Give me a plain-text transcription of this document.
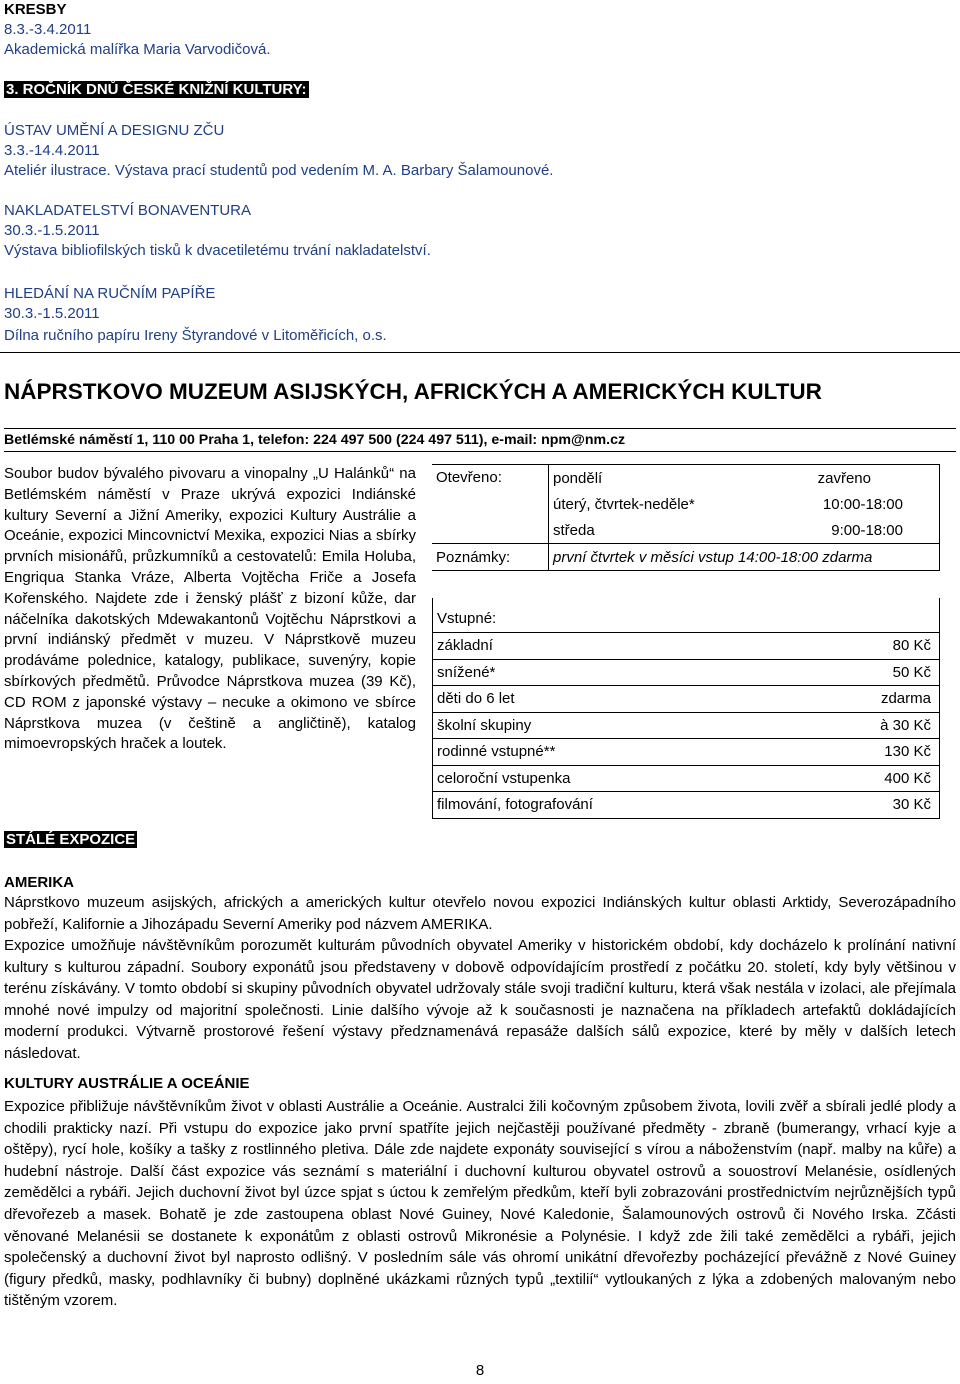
KRESBY
8.3.-3.4.2011
Akademická malířka Maria Varvodičová.
3. ROČNÍK DNŮ ČESKÉ KNIŽNÍ KULTURY:
ÚSTAV UMĚNÍ A DESIGNU ZČU
3.3.-14.4.2011
Ateliér ilustrace. Výstava prací studentů pod vedením M. A. Barbary Šalamounové.
NAKLADATELSTVÍ BONAVENTURA
30.3.-1.5.2011
Výstava bibliofilských tisků k dvacetiletému trvání nakladatelství.
HLEDÁNÍ NA RUČNÍM PAPÍŘE
30.3.-1.5.2011
Dílna ručního papíru Ireny Štyrandové v Litoměřicích, o.s.
NÁPRSTKOVO MUZEUM ASIJSKÝCH, AFRICKÝCH A AMERICKÝCH KULTUR
Betlémské náměstí 1, 110 00 Praha 1, telefon: 224 497 500 (224 497 511), e-mail: npm@nm.cz
Soubor budov bývalého pivovaru a vinopalny „U Halánků“ na Betlémském náměstí v Praze ukrývá expozici Indiánské kultury Severní a Jižní Ameriky, expozici Kultury Austrálie a Oceánie, expozici Mincovnictví Mexika, expozici Nias a sbírky prvních misionářů, průzkumníků a cestovatelů: Emila Holuba, Engriqua Stanka Vráze, Alberta Vojtěcha Friče a Josefa Kořenského. Najdete zde i ženský plášť z bizoní kůže, dar náčelníka dakotských Mdewakantonů Vojtěchu Náprstkovi a první indiánský předmět v muzeu. V Náprstkově muzeu prodáváme polednice, katalogy, publikace, suvenýry, kopie sbírkových předmětů. Průvodce Náprstkova muzea (39 Kč), CD ROM z japonské výstavy – necuke a okimono ve sbírce Náprstkova muzea (v češtině a angličtině), katalog mimoevropských hraček a loutek.
Otevřeno:	pondělí	zavřeno
	úterý, čtvrtek-neděle*	10:00-18:00
	středa	9:00-18:00
Poznámky:	první čtvrtek v měsíci vstup 14:00-18:00 zdarma	
Vstupné:	
základní	80 Kč
snížené*	50 Kč
děti do 6 let	zdarma
školní skupiny	à 30 Kč
rodinné vstupné**	130 Kč
celoroční vstupenka	400 Kč
filmování, fotografování	30 Kč
STÁLÉ EXPOZICE
AMERIKA
Náprstkovo muzeum asijských, afrických a amerických kultur otevřelo novou expozici Indiánských kultur oblasti Arktidy, Severozápadního pobřeží, Kalifornie a Jihozápadu Severní Ameriky pod názvem AMERIKA.
Expozice umožňuje návštěvníkům porozumět kulturám původních obyvatel Ameriky v historickém období, kdy docházelo k prolínání nativní kultury s kulturou západní. Soubory exponátů jsou představeny v dobově odpovídajícím prostředí z počátku 20. století, kdy byly většinou v terénu získávány. V tomto období si skupiny původních obyvatel udržovaly stále svoji tradiční kulturu, která však nestála v izolaci, ale přejímala mnohé nové impulzy od majoritní společnosti. Linie dalšího vývoje až k současnosti je naznačena na příkladech artefaktů dokládajících moderní produkci. Výtvarně prostorové řešení výstavy předznamenává repasáže dalších sálů expozice, které by měly v dalších letech následovat.
KULTURY AUSTRÁLIE A OCEÁNIE
Expozice přibližuje návštěvníkům život v oblasti Austrálie a Oceánie. Australci žili kočovným způsobem života, lovili zvěř a sbírali jedlé plody a chodili prakticky nazí. Při vstupu do expozice jako první spatříte jejich nejčastěji používané předměty - zbraně (bumerangy, vrhací kyje a oštěpy), rycí hole, košíky a tašky z rostlinného pletiva. Dále zde najdete exponáty související s vírou a náboženstvím (např. malby na kůře) a hudební nástroje. Další část expozice vás seznámí s materiální i duchovní kulturou obyvatel ostrovů a souostroví Melanésie, osídlených zemědělci a rybáři. Jejich duchovní život byl úzce spjat s úctou k zemřelým předkům, kteří byli zobrazováni prostřednictvím nejrůznějších typů dřevořezeb a masek. Bohatě je zde zastoupena oblast Nové Guiney, Nové Kaledonie, Šalamounových ostrovů či Nového Irska. Zčásti věnované Melanésii se dostanete k exponátům z oblasti ostrovů Mikronésie a Polynésie. I když zde žili také zemědělci a rybáři, jejich společenský a duchovní život byl naprosto odlišný. V posledním sále vás ohromí unikátní dřevořezby pocházející převážně z Nové Guiney (figury předků, masky, podhlavníky či bubny) doplněné ukázkami různých typů „textilií“ vytloukaných z lýka a zdobených malovaným nebo tištěným vzorem.
8
